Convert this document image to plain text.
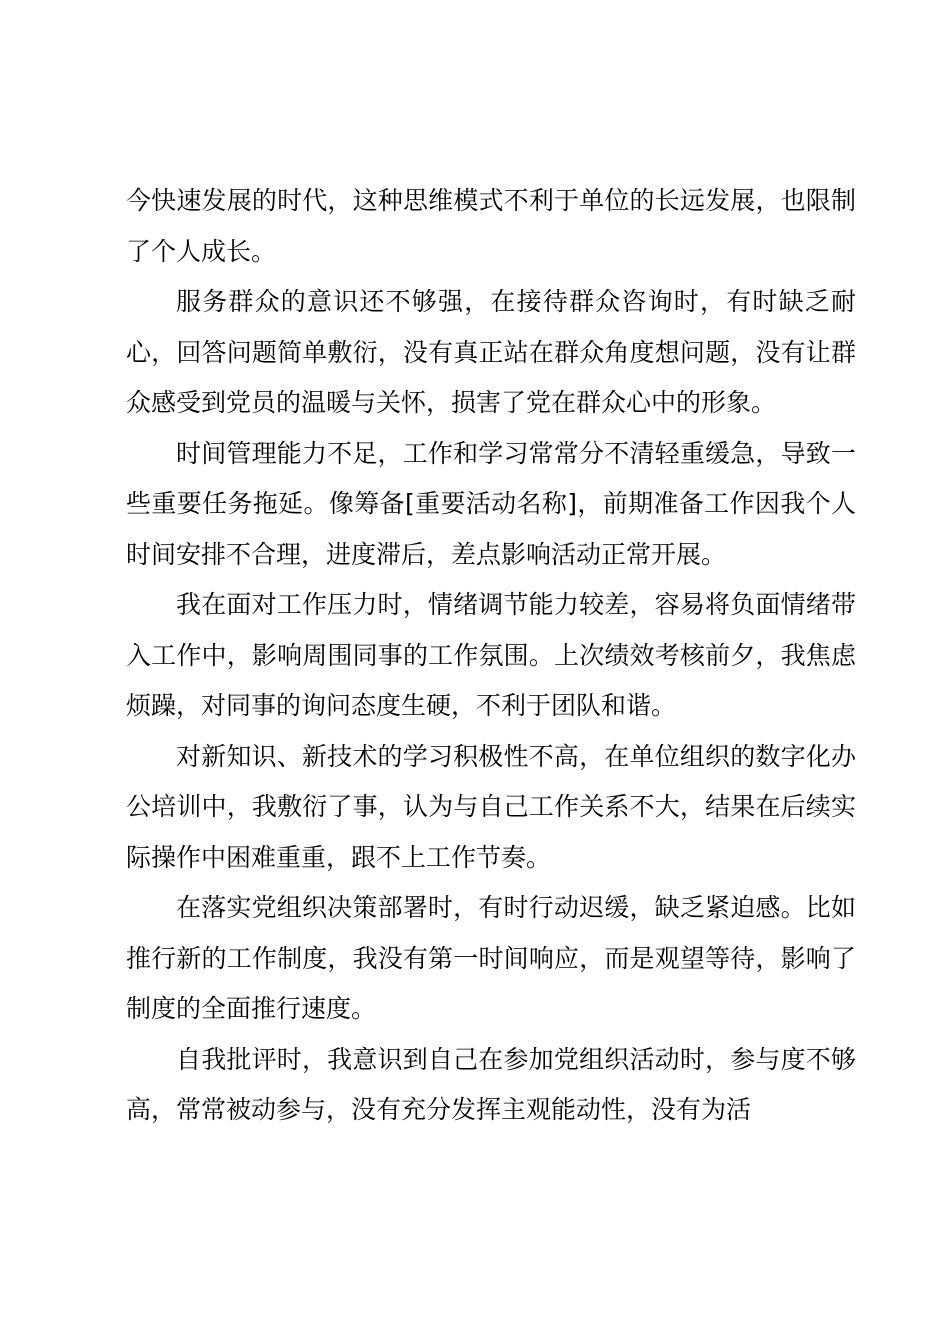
今快速发展的时代，这种思维模式不利于单位的长远发展，也限制了个人成长。

服务群众的意识还不够强，在接待群众咨询时，有时缺乏耐心，回答问题简单敷衍，没有真正站在群众角度想问题，没有让群众感受到党员的温暖与关怀，损害了党在群众心中的形象。

时间管理能力不足，工作和学习常常分不清轻重缓急，导致一些重要任务拖延。像筹备[重要活动名称]，前期准备工作因我个人时间安排不合理，进度滞后，差点影响活动正常开展。

我在面对工作压力时，情绪调节能力较差，容易将负面情绪带入工作中，影响周围同事的工作氛围。上次绩效考核前夕，我焦虑烦躁，对同事的询问态度生硬，不利于团队和谐。

对新知识、新技术的学习积极性不高，在单位组织的数字化办公培训中，我敷衍了事，认为与自己工作关系不大，结果在后续实际操作中困难重重，跟不上工作节奏。

在落实党组织决策部署时，有时行动迟缓，缺乏紧迫感。比如推行新的工作制度，我没有第一时间响应，而是观望等待，影响了制度的全面推行速度。

自我批评时，我意识到自己在参加党组织活动时，参与度不够高，常常被动参与，没有充分发挥主观能动性，没有为活
